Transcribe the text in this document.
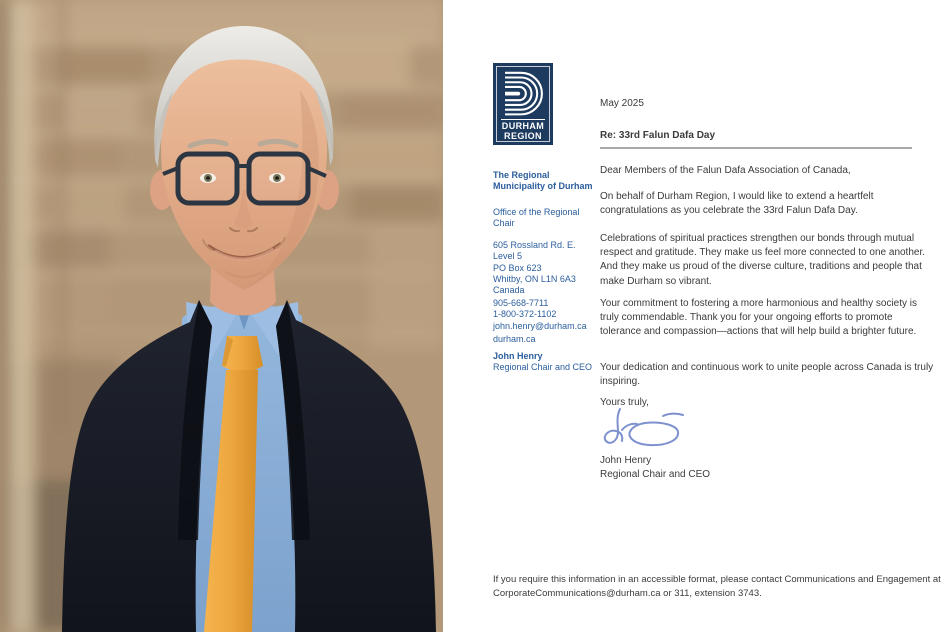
DURHAM
REGION
The Regional Municipality of Durham
Office of the Regional Chair
605 Rossland Rd. E.
Level 5
PO Box 623
Whitby, ON L1N 6A3
Canada
905-668-7711
1-800-372-1102
john.henry@durham.ca
durham.ca
John Henry
Regional Chair and CEO
May 2025
Re: 33rd Falun Dafa Day
Dear Members of the Falun Dafa Association of Canada,
On behalf of Durham Region, I would like to extend a heartfelt congratulations as you celebrate the 33rd Falun Dafa Day.
Celebrations of spiritual practices strengthen our bonds through mutual respect and gratitude. They make us feel more connected to one another. And they make us proud of the diverse culture, traditions and people that make Durham so vibrant.
Your commitment to fostering a more harmonious and healthy society is truly commendable. Thank you for your ongoing efforts to promote tolerance and compassion—actions that will help build a brighter future.
Your dedication and continuous work to unite people across Canada is truly inspiring.
Yours truly,
John Henry
Regional Chair and CEO
If you require this information in an accessible format, please contact Communications and Engagement at CorporateCommunications@durham.ca or 311, extension 3743.
